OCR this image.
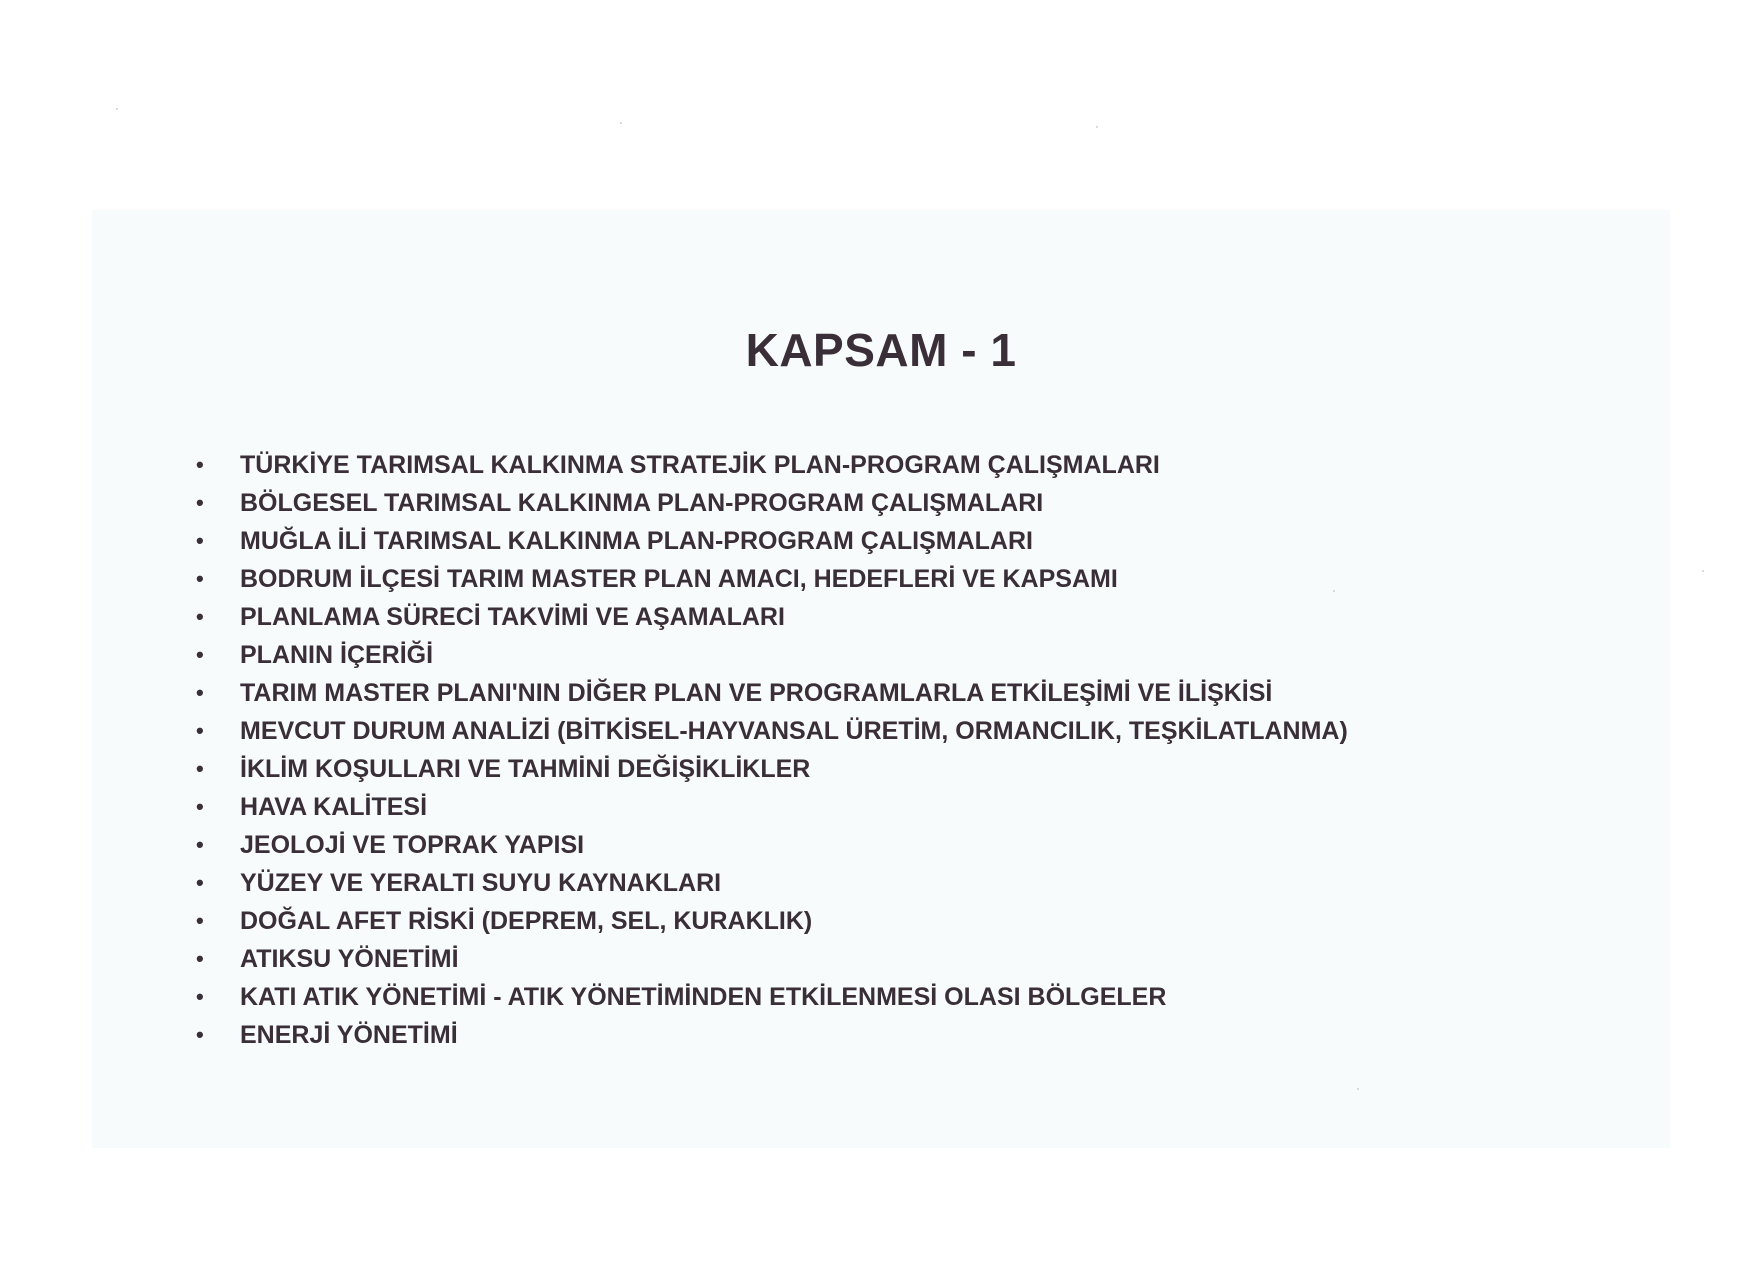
KAPSAM - 1
•	TÜRKİYE TARIMSAL KALKINMA STRATEJİK PLAN-PROGRAM ÇALIŞMALARI
•	BÖLGESEL TARIMSAL KALKINMA PLAN-PROGRAM ÇALIŞMALARI
•	MUĞLA İLİ TARIMSAL KALKINMA PLAN-PROGRAM ÇALIŞMALARI
•	BODRUM İLÇESİ TARIM MASTER PLAN AMACI, HEDEFLERİ VE KAPSAMI
•	PLANLAMA SÜRECİ TAKVİMİ VE AŞAMALARI
•	PLANIN İÇERİĞİ
•	TARIM MASTER PLANI'NIN DİĞER PLAN VE PROGRAMLARLA ETKİLEŞİMİ VE İLİŞKİSİ
•	MEVCUT DURUM ANALİZİ (BİTKİSEL-HAYVANSAL ÜRETİM, ORMANCILIK, TEŞKİLATLANMA)
•	İKLİM KOŞULLARI VE TAHMİNİ DEĞİŞİKLİKLER
•	HAVA KALİTESİ
•	JEOLOJİ VE TOPRAK YAPISI
•	YÜZEY VE YERALTI SUYU KAYNAKLARI
•	DOĞAL AFET RİSKİ (DEPREM, SEL, KURAKLIK)
•	ATIKSU YÖNETİMİ
•	KATI ATIK YÖNETİMİ - ATIK YÖNETİMİNDEN ETKİLENMESİ OLASI BÖLGELER
•	ENERJİ YÖNETİMİ
